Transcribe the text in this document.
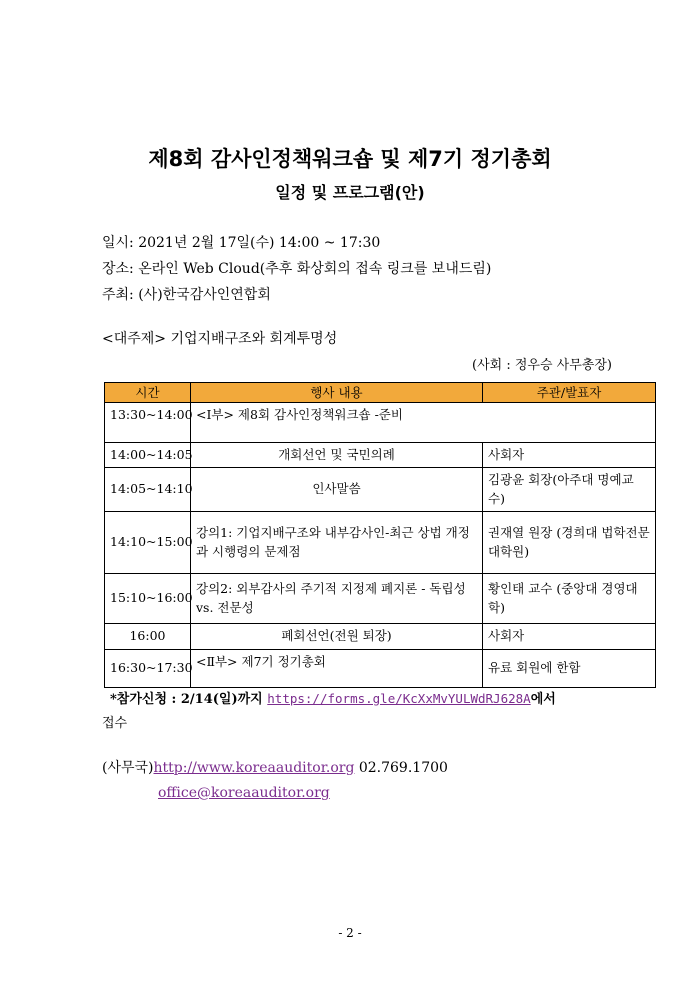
제8회 감사인정책워크숍 및 제7기 정기총회
일정 및 프로그램(안)
일시: 2021년 2월 17일(수) 14:00 ~ 17:30
장소: 온라인 Web Cloud(추후 화상회의 접속 링크를 보내드림)
주최: (사)한국감사인연합회
<대주제> 기업지배구조와 회계투명성
(사회 : 정우승 사무총장)
시간	행사 내용	주관/발표자
13:30~14:00	<Ⅰ부> 제8회 감사인정책워크숍 -준비	
14:00~14:05	개회선언 및 국민의례	사회자
14:05~14:10	인사말씀	김광윤 회장(아주대 명예교수)
14:10~15:00	강의1: 기업지배구조와 내부감사인-최근 상법 개정과 시행령의 문제점	권재열 원장 (경희대 법학전문대학원)
15:10~16:00	강의2: 외부감사의 주기적 지정제 폐지론 - 독립성 vs. 전문성	황인태 교수 (중앙대 경영대학)
16:00	폐회선언(전원 퇴장)	사회자
16:30~17:30	<Ⅱ부> 제7기 정기총회	유료 회원에 한함
*참가신청 : 2/14(일)까지 https://forms.gle/KcXxMvYULWdRJ628A에서
접수
(사무국)http://www.koreaauditor.org 02.769.1700
office@koreaauditor.org
- 2 -
